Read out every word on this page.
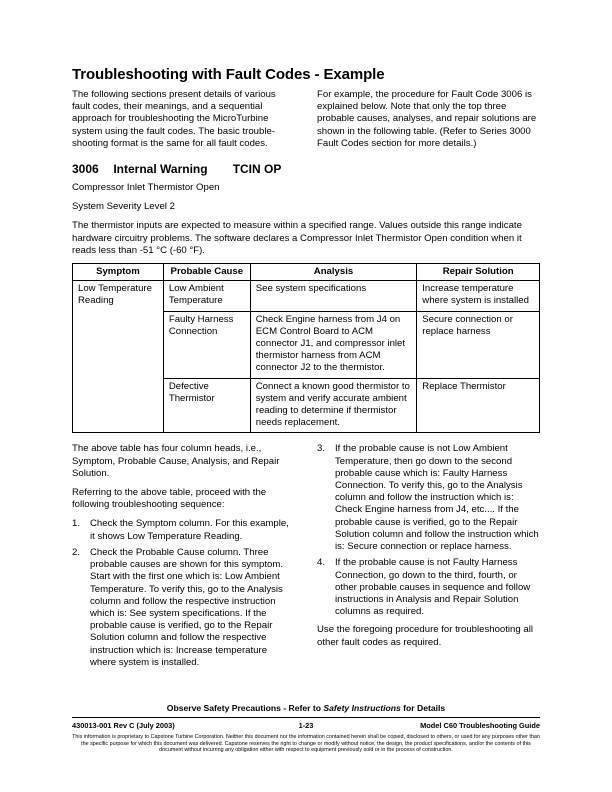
Troubleshooting with Fault Codes - Example

The following sections present details of various fault codes, their meanings, and a sequential approach for troubleshooting the MicroTurbine system using the fault codes. The basic trouble-shooting format is the same for all fault codes.

For example, the procedure for Fault Code 3006 is explained below. Note that only the top three probable causes, analyses, and repair solutions are shown in the following table. (Refer to Series 3000 Fault Codes section for more details.)

3006 Internal Warning TCIN OP

Compressor Inlet Thermistor Open

System Severity Level 2

The thermistor inputs are expected to measure within a specified range. Values outside this range indicate hardware circuitry problems. The software declares a Compressor Inlet Thermistor Open condition when it reads less than -51 °C (-60 °F).

Symptom	Probable Cause	Analysis	Repair Solution
Low Temperature Reading	Low Ambient Temperature	See system specifications	Increase temperature where system is installed
	Faulty Harness Connection	Check Engine harness from J4 on ECM Control Board to ACM connector J1, and compressor inlet thermistor harness from ACM connector J2 to the thermistor.	Secure connection or replace harness
	Defective Thermistor	Connect a known good thermistor to system and verify accurate ambient reading to determine if thermistor needs replacement.	Replace Thermistor

The above table has four column heads, i.e., Symptom, Probable Cause, Analysis, and Repair Solution.

Referring to the above table, proceed with the following troubleshooting sequence:

1.	Check the Symptom column. For this example, it shows Low Temperature Reading.
2.	Check the Probable Cause column. Three probable causes are shown for this symptom. Start with the first one which is: Low Ambient Temperature. To verify this, go to the Analysis column and follow the respective instruction which is: See system specifications. If the probable cause is verified, go to the Repair Solution column and follow the respective instruction which is: Increase temperature where system is installed.
3.	If the probable cause is not Low Ambient Temperature, then go down to the second probable cause which is: Faulty Harness Connection. To verify this, go to the Analysis column and follow the instruction which is: Check Engine harness from J4, etc.... If the probable cause is verified, go to the Repair Solution column and follow the instruction which is: Secure connection or replace harness.
4.	If the probable cause is not Faulty Harness Connection, go down to the third, fourth, or other probable causes in sequence and follow instructions in Analysis and Repair Solution columns as required.

Use the foregoing procedure for troubleshooting all other fault codes as required.

Observe Safety Precautions - Refer to Safety Instructions for Details
430013-001 Rev C (July 2003)	1-23	Model C60 Troubleshooting Guide
This information is proprietary to Capstone Turbine Corporation. Neither this document nor the information contained herein shall be copied, disclosed to others, or used for any purposes other than the specific purpose for which this document was delivered. Capstone reserves the right to change or modify without notice, the design, the product specifications, and/or the contents of this document without incurring any obligation either with respect to equipment previously sold or in the process of construction.
